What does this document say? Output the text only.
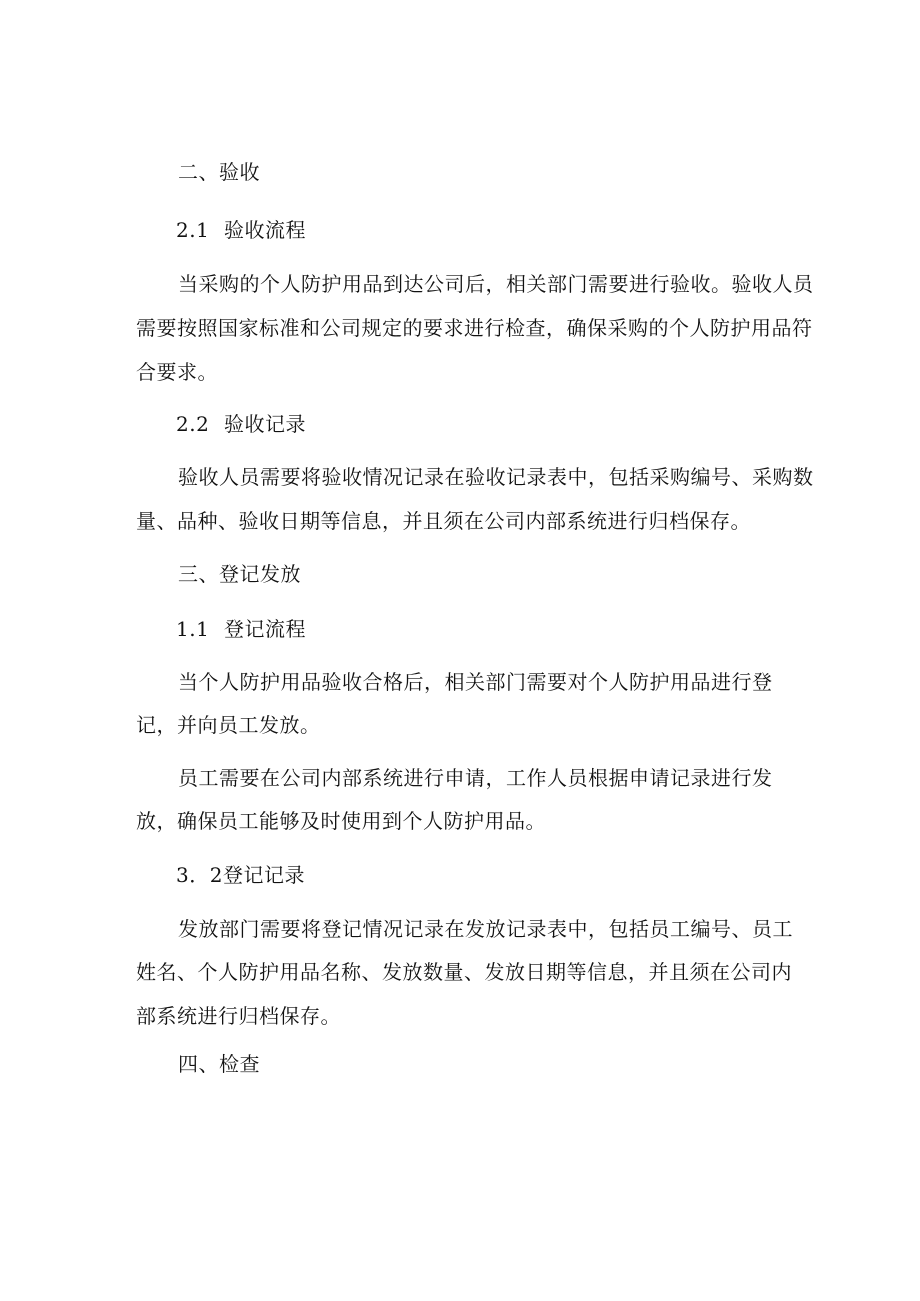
二、验收
2.1 验收流程
当采购的个人防护用品到达公司后，相关部门需要进行验收。验收人员
需要按照国家标准和公司规定的要求进行检查，确保采购的个人防护用品符
合要求。
2.2 验收记录
验收人员需要将验收情况记录在验收记录表中，包括采购编号、采购数
量、品种、验收日期等信息，并且须在公司内部系统进行归档保存。
三、登记发放
1.1 登记流程
当个人防护用品验收合格后，相关部门需要对个人防护用品进行登
记，并向员工发放。
员工需要在公司内部系统进行申请，工作人员根据申请记录进行发
放，确保员工能够及时使用到个人防护用品。
3．2登记记录
发放部门需要将登记情况记录在发放记录表中，包括员工编号、员工
姓名、个人防护用品名称、发放数量、发放日期等信息，并且须在公司内
部系统进行归档保存。
四、检查
